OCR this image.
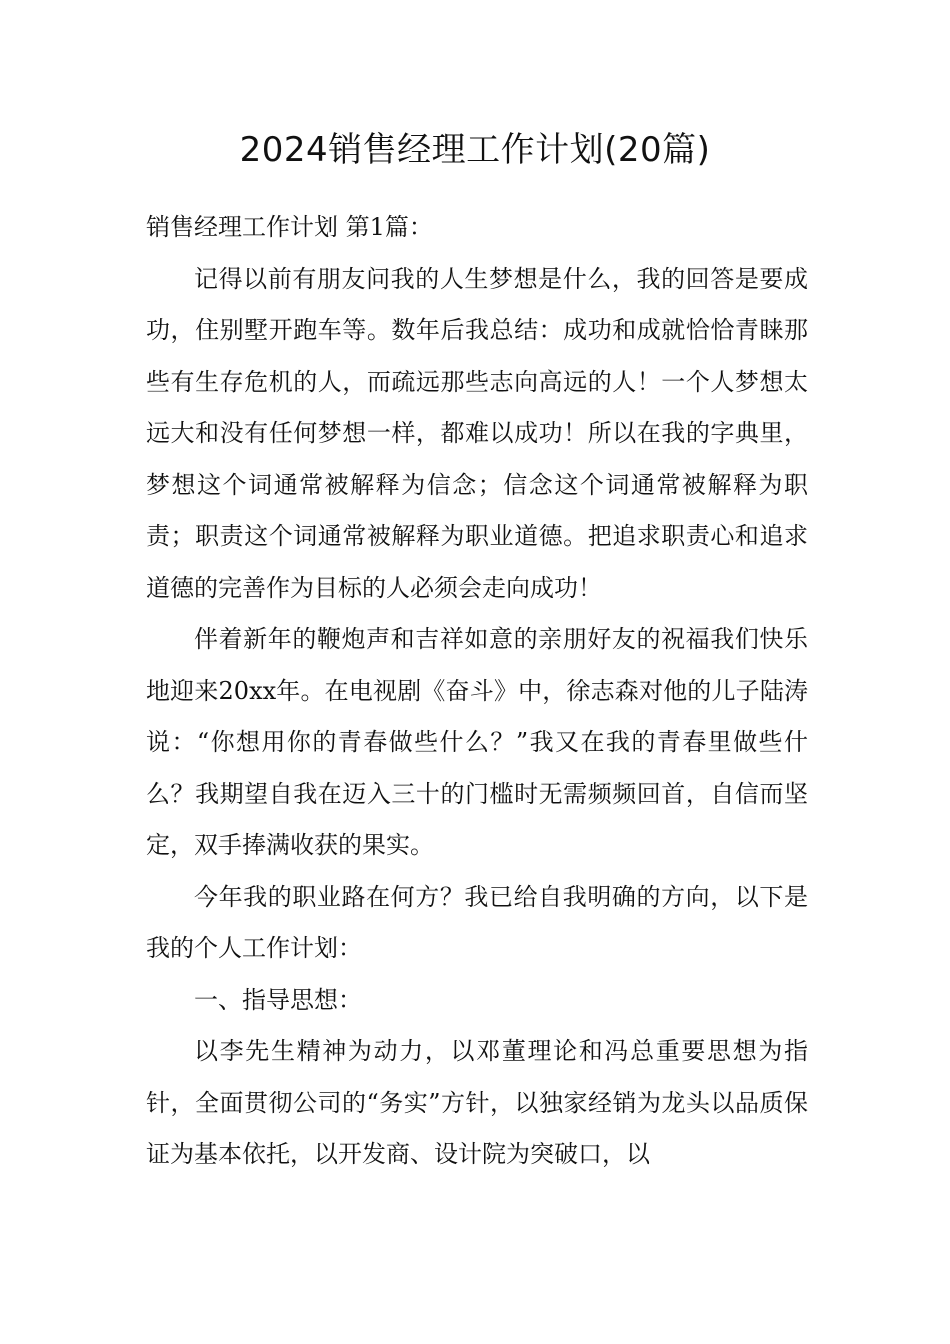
2024销售经理工作计划(20篇)

销售经理工作计划 第1篇：

记得以前有朋友问我的人生梦想是什么，我的回答是要成功，住别墅开跑车等。数年后我总结：成功和成就恰恰青睐那些有生存危机的人，而疏远那些志向高远的人！一个人梦想太远大和没有任何梦想一样，都难以成功！所以在我的字典里，梦想这个词通常被解释为信念；信念这个词通常被解释为职责；职责这个词通常被解释为职业道德。把追求职责心和追求道德的完善作为目标的人必须会走向成功！

伴着新年的鞭炮声和吉祥如意的亲朋好友的祝福我们快乐地迎来20xx年。在电视剧《奋斗》中，徐志森对他的儿子陆涛说：“你想用你的青春做些什么？”我又在我的青春里做些什么？我期望自我在迈入三十的门槛时无需频频回首，自信而坚定，双手捧满收获的果实。

今年我的职业路在何方？我已给自我明确的方向，以下是我的个人工作计划：

一、指导思想：

以李先生精神为动力，以邓董理论和冯总重要思想为指针，全面贯彻公司的“务实”方针，以独家经销为龙头以品质保证为基本依托，以开发商、设计院为突破口，以
